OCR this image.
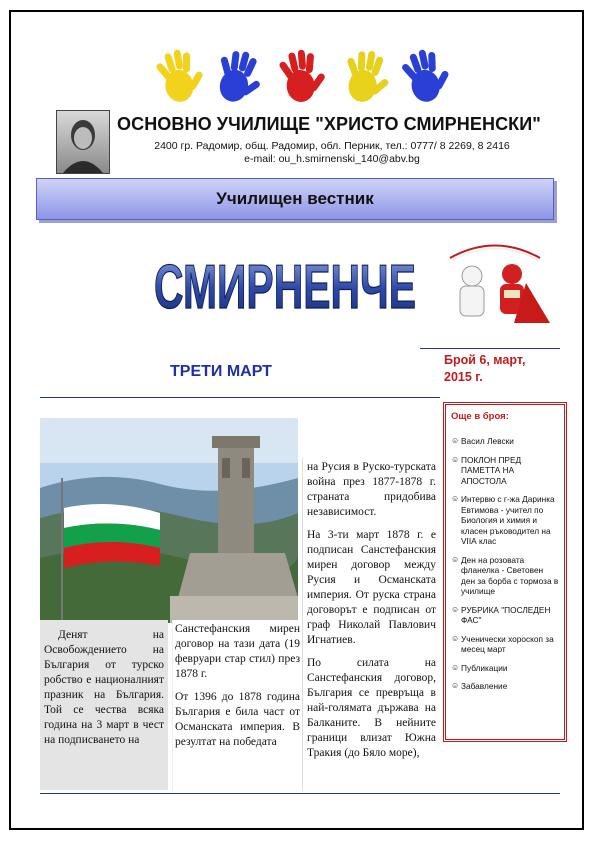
ОСНОВНО УЧИЛИЩЕ "ХРИСТО СМИРНЕНСКИ"
2400 гр. Радомир, общ. Радомир, обл. Перник, тел.: 0777/ 8 2269, 8 2416
e-mail: ou_h.smirnenski_140@abv.bg
Училищен вестник
СМИРНЕНЧЕ
Брой 6, март,
2015 г.
ТРЕТИ МАРТ

Денят на Освобождението на България от турско робство е националният празник на България. Той се чества всяка година на 3 март в чест на подписването на

Санстефанския мирен договор на тази дата (19 февруари стар стил) през 1878 г.

От 1396 до 1878 година България е била част от Османската империя. В резултат на победата

на Русия в Руско-турската война през 1877-1878 г. страната придобива независимост.

На 3-ти март 1878 г. е подписан Санстефанския мирен договор между Русия и Османската империя. От руска страна договорът е подписан от граф Николай Павлович Игнатиев.

По силата на Санстефанския договор, България се превръща в най-голямата държава на Балканите. В нейните граници влизат Южна Тракия (до Бяло море),

Още в броя:
☺ Васил Левски
☺ ПОКЛОН ПРЕД ПАМЕТТА НА АПОСТОЛА
☺ Интервю с г-жа Даринка Евтимова - учител по Биология и химия и класен ръководител на VIIА клас
☺ Ден на розовата фланелка - Световен ден за борба с тормоза в училище
☺ РУБРИКА "ПОСЛЕДЕН ФАС"
☺ Ученически хороскоп за месец март
☺ Публикации
☺ Забавление
